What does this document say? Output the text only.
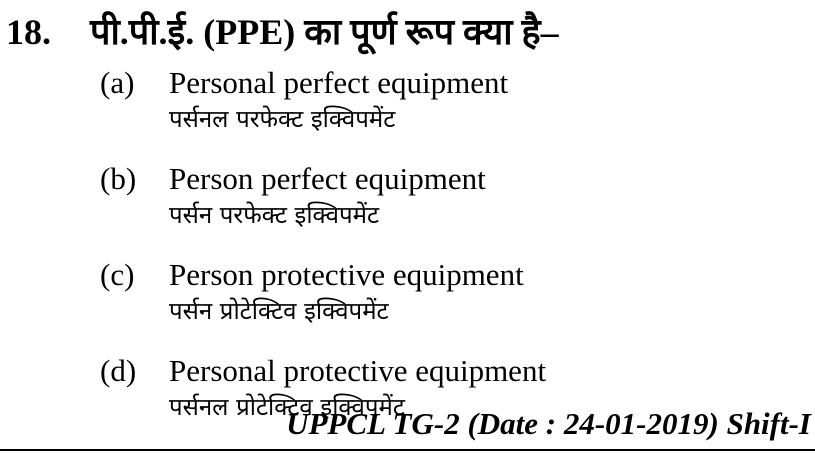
18. पी.पी.ई. (PPE) का पूर्ण रूप क्या है–
(a) Personal perfect equipment
पर्सनल परफेक्ट इक्विपमेंट
(b) Person perfect equipment
पर्सन परफेक्ट इक्विपमेंट
(c) Person protective equipment
पर्सन प्रोटेक्टिव इक्विपमेंट
(d) Personal protective equipment
पर्सनल प्रोटेक्टिव इक्विपमेंट
UPPCL TG-2 (Date : 24-01-2019) Shift-I
